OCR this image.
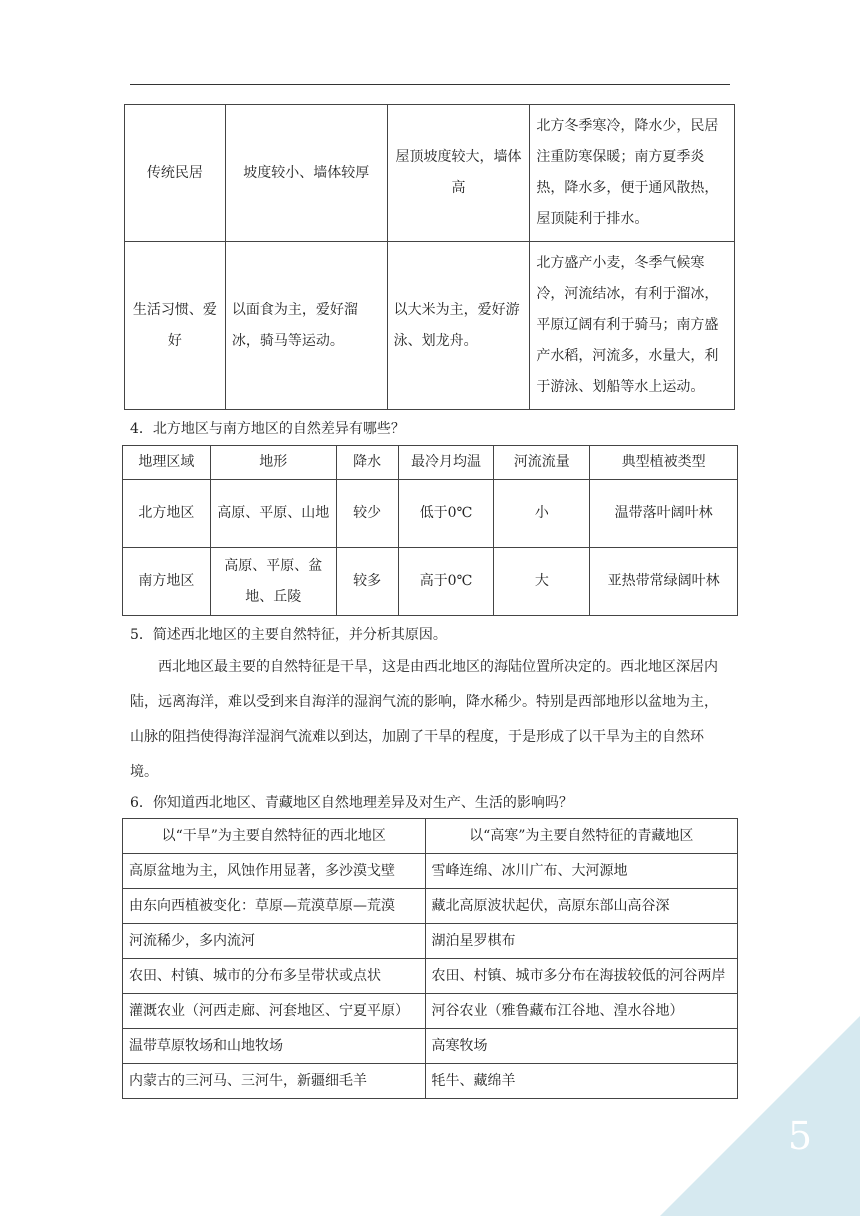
传统民居	坡度较小、墙体较厚	屋顶坡度较大，墙体高	北方冬季寒冷，降水少，民居注重防寒保暖；南方夏季炎热，降水多，便于通风散热，屋顶陡利于排水。
生活习惯、爱好	以面食为主，爱好溜冰，骑马等运动。	以大米为主，爱好游泳、划龙舟。	北方盛产小麦，冬季气候寒冷，河流结冰，有利于溜冰，平原辽阔有利于骑马；南方盛产水稻，河流多，水量大，利于游泳、划船等水上运动。
4．北方地区与南方地区的自然差异有哪些？
地理区域	地形	降水	最冷月均温	河流流量	典型植被类型
北方地区	高原、平原、山地	较少	低于0℃	小	温带落叶阔叶林
南方地区	高原、平原、盆地、丘陵	较多	高于0℃	大	亚热带常绿阔叶林
5．简述西北地区的主要自然特征，并分析其原因。
西北地区最主要的自然特征是干旱，这是由西北地区的海陆位置所决定的。西北地区深居内陆，远离海洋，难以受到来自海洋的湿润气流的影响，降水稀少。特别是西部地形以盆地为主，山脉的阻挡使得海洋湿润气流难以到达，加剧了干旱的程度，于是形成了以干旱为主的自然环境。
6．你知道西北地区、青藏地区自然地理差异及对生产、生活的影响吗？
以“干旱”为主要自然特征的西北地区	以“高寒”为主要自然特征的青藏地区
高原盆地为主，风蚀作用显著，多沙漠戈壁	雪峰连绵、冰川广布、大河源地
由东向西植被变化：草原—荒漠草原—荒漠	藏北高原波状起伏，高原东部山高谷深
河流稀少，多内流河	湖泊星罗棋布
农田、村镇、城市的分布多呈带状或点状	农田、村镇、城市多分布在海拔较低的河谷两岸
灌溉农业（河西走廊、河套地区、宁夏平原）	河谷农业（雅鲁藏布江谷地、湟水谷地）
温带草原牧场和山地牧场	高寒牧场
内蒙古的三河马、三河牛，新疆细毛羊	牦牛、藏绵羊
5
